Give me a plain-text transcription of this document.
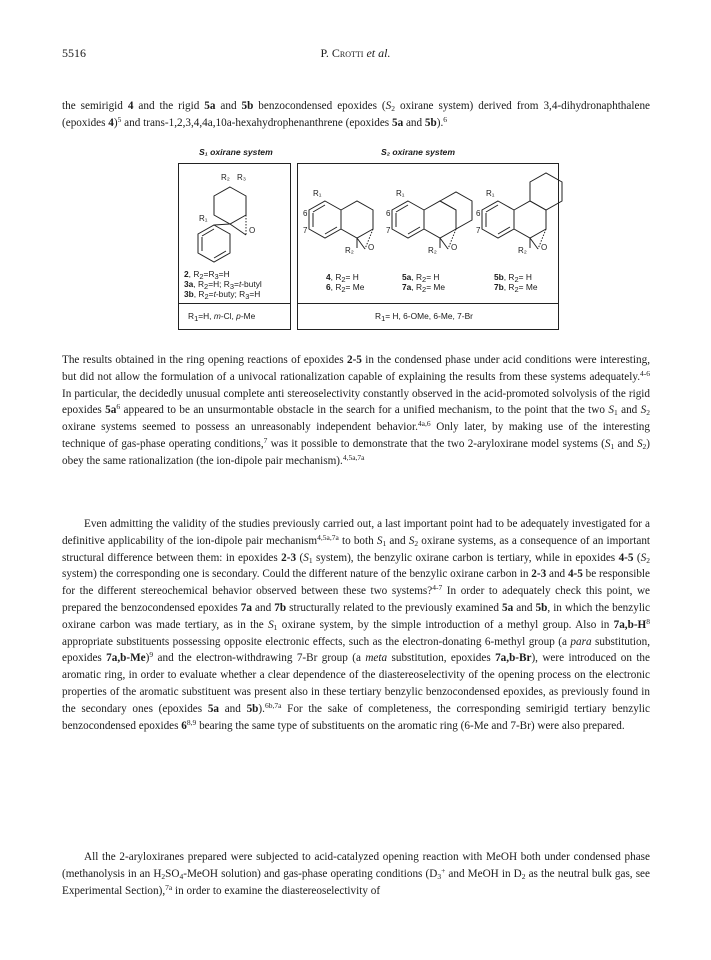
5516	P. Crotti et al.

the semirigid 4 and the rigid 5a and 5b benzocondensed epoxides ($S_2$ oxirane system) derived from 3,4-dihydronaphthalene (epoxides 4)$^5$ and trans-1,2,3,4,4a,10a-hexahydrophenanthrene (epoxides 5a and 5b).$^6$

S₁ oxirane system	S₂ oxirane system
R₂ R₃
R₁
O
R₁
6
7
R₂ O
R₁
6
7
R₂ O
R₁
6
7
R₂ O
2, $R_2=R_3=H$
3a, $R_2=H$; $R_3=t$-butyl
3b, $R_2=t$-buty; $R_3=H$
$R_1=H$, m-Cl, p-Me
4, $R_2= H$
6, $R_2= Me$
5a, $R_2= H$
7a, $R_2= Me$
5b, $R_2= H$
7b, $R_2= Me$
$R_1= H$, 6-OMe, 6-Me, 7-Br

The results obtained in the ring opening reactions of epoxides 2-5 in the condensed phase under acid conditions were interesting, but did not allow the formulation of a univocal rationalization capable of explaining the results from these systems adequately.$^{4-6}$ In particular, the decidedly unusual complete anti stereoselectivity constantly observed in the acid-promoted solvolysis of the rigid epoxides $5a^6$ appeared to be an unsurmontable obstacle in the search for a unified mechanism, to the point that the two $S_1$ and $S_2$ oxirane systems seemed to possess an unreasonably independent behavior.$^{4a,6}$ Only later, by making use of the interesting technique of gas-phase operating conditions,$^7$ was it possible to demonstrate that the two 2-aryloxirane model systems ($S_1$ and $S_2$) obey the same rationalization (the ion-dipole pair mechanism).$^{4,5a,7a}$

Even admitting the validity of the studies previously carried out, a last important point had to be adequately investigated for a definitive applicability of the ion-dipole pair mechanism$^{4,5a,7a}$ to both $S_1$ and $S_2$ oxirane systems, as a consequence of an important structural difference between them: in epoxides 2-3 ($S_1$ system), the benzylic oxirane carbon is tertiary, while in epoxides 4-5 ($S_2$ system) the corresponding one is secondary. Could the different nature of the benzylic oxirane carbon in 2-3 and 4-5 be responsible for the different stereochemical behavior observed between these two systems?$^{4-7}$ In order to adequately check this point, we prepared the benzocondensed epoxides 7a and 7b structurally related to the previously examined 5a and 5b, in which the benzylic oxirane carbon was made tertiary, as in the $S_1$ oxirane system, by the simple introduction of a methyl group. Also in $7a,b-H^8$ appropriate substituents possessing opposite electronic effects, such as the electron-donating 6-methyl group (a para substitution, epoxides 7a,b-Me)$^9$ and the electron-withdrawing 7-Br group (a meta substitution, epoxides 7a,b-Br), were introduced on the aromatic ring, in order to evaluate whether a clear dependence of the diastereoselectivity of the opening process on the electronic properties of the aromatic substituent was present also in these tertiary benzylic benzocondensed epoxides, as previously found in the secondary ones (epoxides 5a and 5b).$^{6b,7a}$ For the sake of completeness, the corresponding semirigid tertiary benzylic benzocondensed epoxides 6$^{8,9}$ bearing the same type of substituents on the aromatic ring (6-Me and 7-Br) were also prepared.

All the 2-aryloxiranes prepared were subjected to acid-catalyzed opening reaction with MeOH both under condensed phase (methanolysis in an $H_2SO_4$-MeOH solution) and gas-phase operating conditions ($D_3^+$ and MeOH in $D_2$ as the neutral bulk gas, see Experimental Section),$^{7a}$ in order to examine the diastereoselectivity of
